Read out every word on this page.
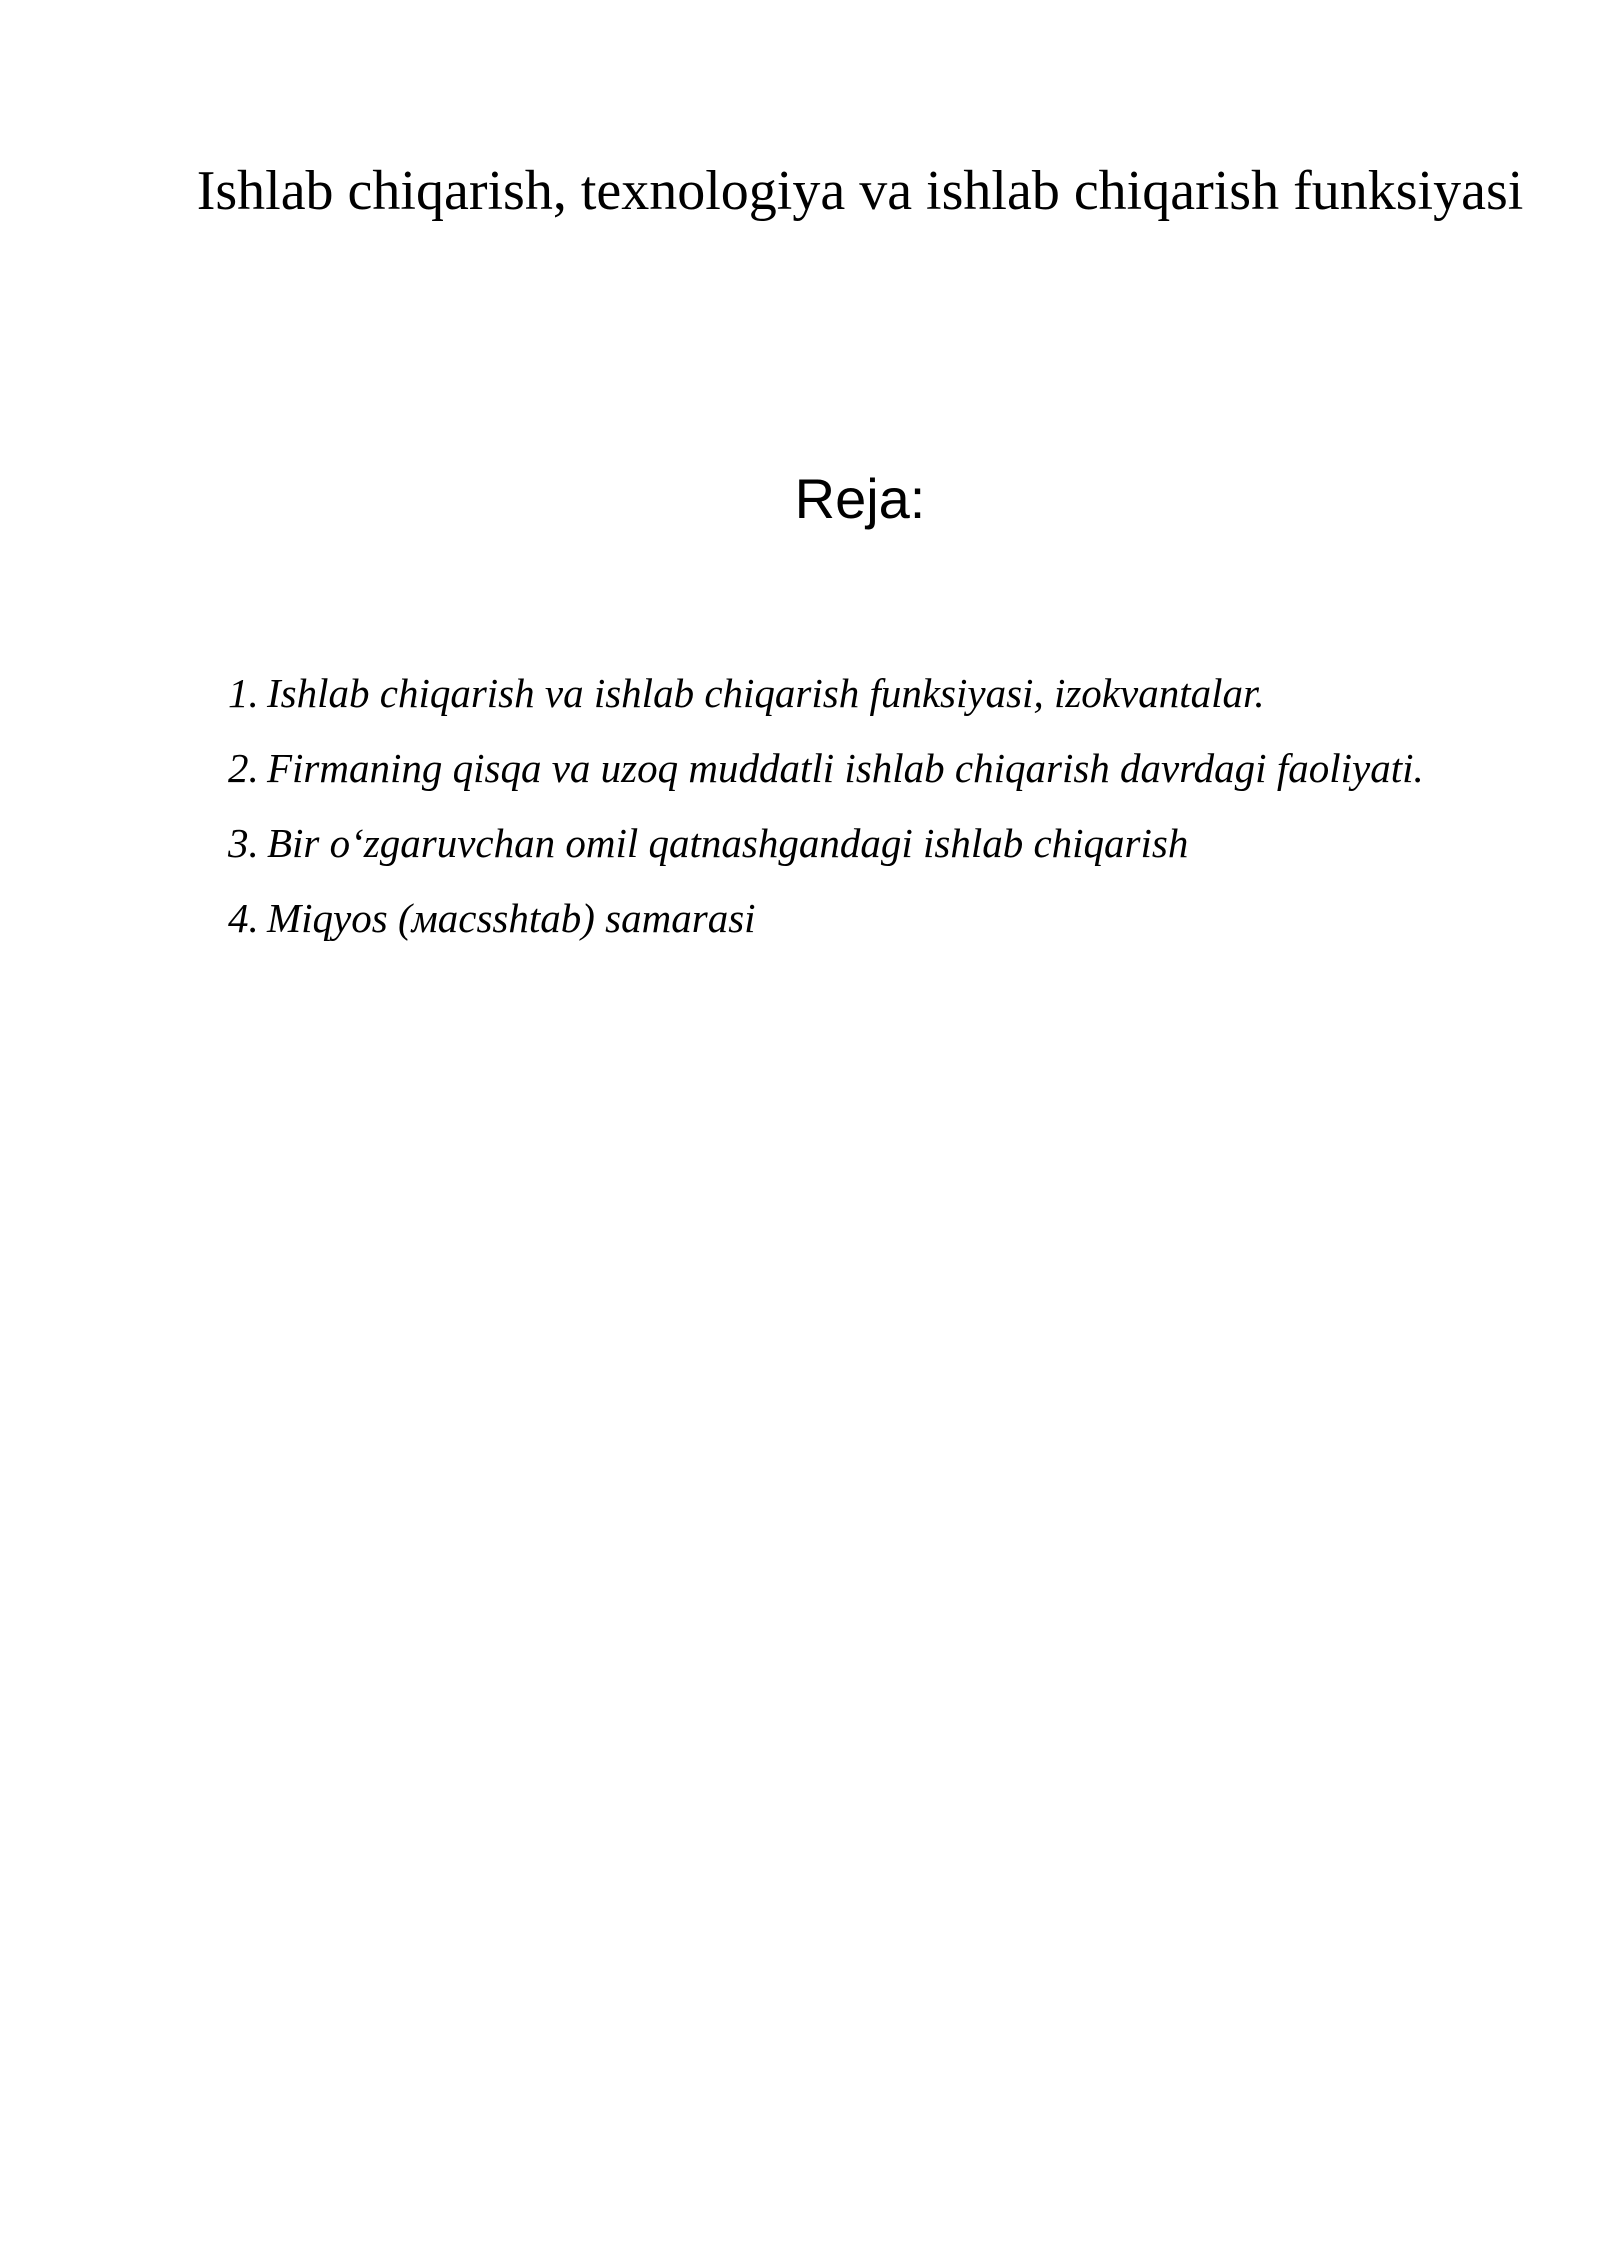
Ishlab chiqarish, texnologiya va ishlab chiqarish funksiyasi
Reja:
1. Ishlab chiqarish va ishlab chiqarish funksiyasi, izokvantalar.
2. Firmaning qisqa va uzoq muddatli ishlab chiqarish davrdagi faoliyati.
3. Bir o‘zgaruvchan omil qatnashgandagi ishlab chiqarish
4. Miqyos (масsshtab) samarasi
